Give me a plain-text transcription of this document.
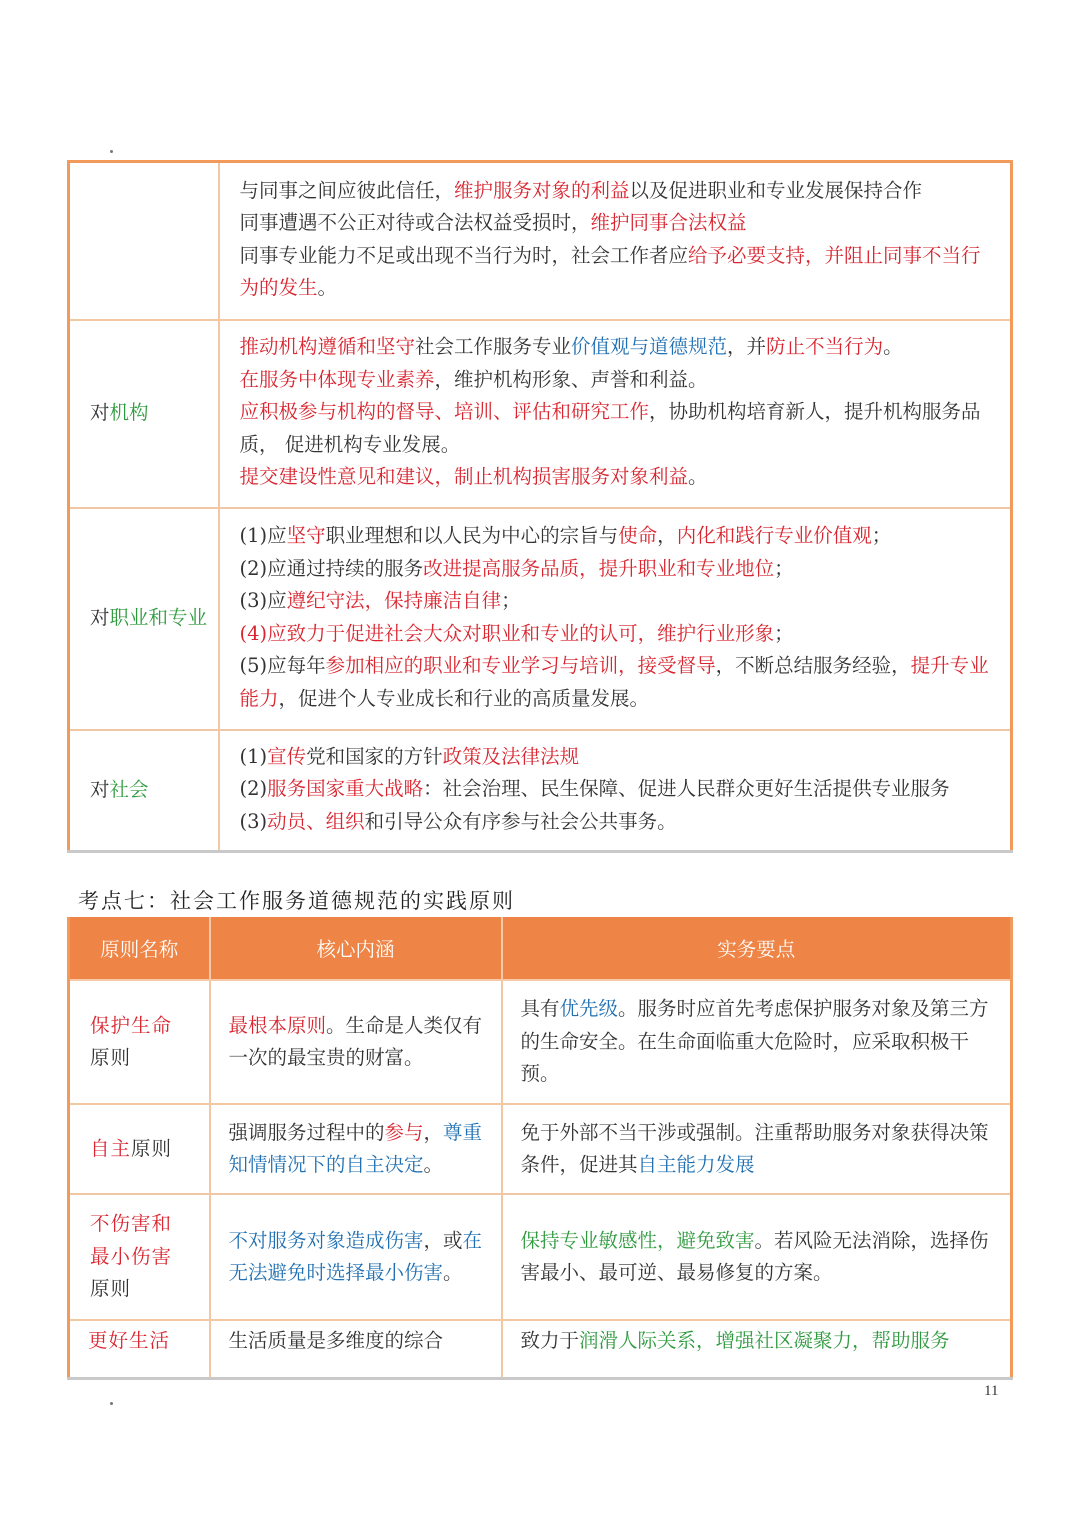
	与同事之间应彼此信任，维护服务对象的利益以及促进职业和专业发展保持合作
同事遭遇不公正对待或合法权益受损时，维护同事合法权益
同事专业能力不足或出现不当行为时，社会工作者应给予必要支持，并阻止同事不当行为的发生。

对机构	推动机构遵循和坚守社会工作服务专业价值观与道德规范，并防止不当行为。
在服务中体现专业素养，维护机构形象、声誉和利益。
应积极参与机构的督导、培训、评估和研究工作，协助机构培育新人，提升机构服务品质， 促进机构专业发展。
提交建设性意见和建议，制止机构损害服务对象利益。

对职业和专业	(1)应坚守职业理想和以人民为中心的宗旨与使命，内化和践行专业价值观；
(2)应通过持续的服务改进提高服务品质，提升职业和专业地位；
(3)应遵纪守法，保持廉洁自律；
(4)应致力于促进社会大众对职业和专业的认可，维护行业形象；
(5)应每年参加相应的职业和专业学习与培训，接受督导，不断总结服务经验，提升专业能力，促进个人专业成长和行业的高质量发展。

对社会	(1)宣传党和国家的方针政策及法律法规
(2)服务国家重大战略：社会治理、民生保障、促进人民群众更好生活提供专业服务
(3)动员、组织和引导公众有序参与社会公共事务。
考点七：社会工作服务道德规范的实践原则
原则名称	核心内涵	实务要点
保护生命
原则	最根本原则。生命是人类仅有一次的最宝贵的财富。	具有优先级。服务时应首先考虑保护服务对象及第三方的生命安全。在生命面临重大危险时，应采取积极干预。
自主原则	强调服务过程中的参与，尊重知情情况下的自主决定。	免于外部不当干涉或强制。注重帮助服务对象获得决策条件，促进其自主能力发展
不伤害和最小伤害
原则	不对服务对象造成伤害，或在无法避免时选择最小伤害。	保持专业敏感性，避免致害。若风险无法消除，选择伤害最小、最可逆、最易修复的方案。
更好生活	生活质量是多维度的综合	致力于润滑人际关系，增强社区凝聚力，帮助服务
11
